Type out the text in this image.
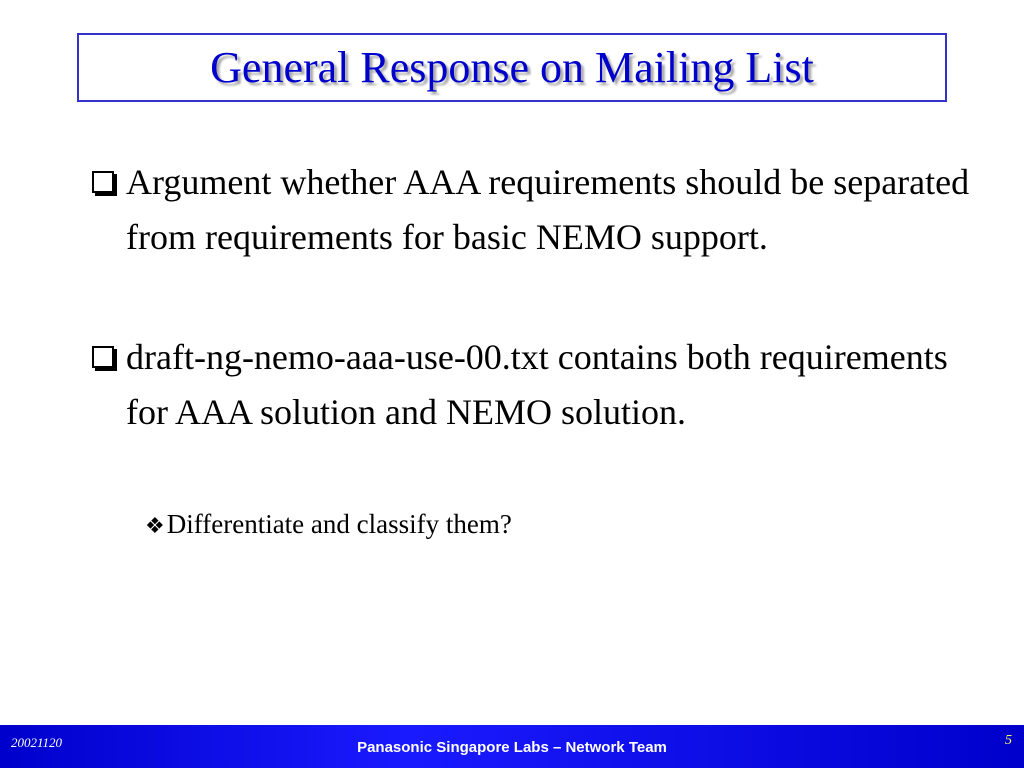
General Response on Mailing List
Argument whether AAA requirements should be separated from requirements for basic NEMO support.
draft-ng-nemo-aaa-use-00.txt contains both requirements for AAA solution and NEMO solution.
❖Differentiate and classify them?
20021120	Panasonic Singapore Labs – Network Team	5
